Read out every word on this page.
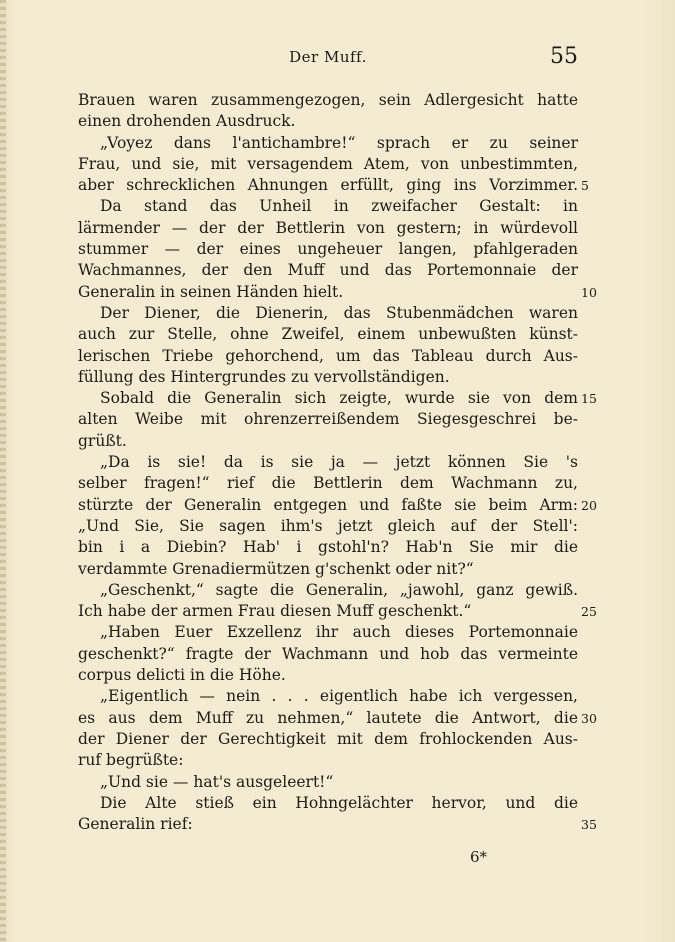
Der Muff.	55
Brauen waren zusammengezogen, sein Adlergesicht hatte
einen drohenden Ausdruck.
„Voyez dans l'antichambre!“ sprach er zu seiner
Frau, und sie, mit versagendem Atem, von unbestimmten,
aber schrecklichen Ahnungen erfüllt, ging ins Vorzimmer. 5
Da stand das Unheil in zweifacher Gestalt: in
lärmender — der der Bettlerin von gestern; in würdevoll
stummer — der eines ungeheuer langen, pfahlgeraden
Wachmannes, der den Muff und das Portemonnaie der
Generalin in seinen Händen hielt.	10
Der Diener, die Dienerin, das Stubenmädchen waren
auch zur Stelle, ohne Zweifel, einem unbewußten künst-
lerischen Triebe gehorchend, um das Tableau durch Aus-
füllung des Hintergrundes zu vervollständigen.
Sobald die Generalin sich zeigte, wurde sie von dem 15
alten Weibe mit ohrenzerreißendem Siegesgeschrei be-
grüßt.
„Da is sie! da is sie ja — jetzt können Sie 's
selber fragen!“ rief die Bettlerin dem Wachmann zu,
stürzte der Generalin entgegen und faßte sie beim Arm: 20
„Und Sie, Sie sagen ihm's jetzt gleich auf der Stell':
bin i a Diebin? Hab' i gstohl'n? Hab'n Sie mir die
verdammte Grenadiermützen g'schenkt oder nit?“
„Geschenkt,“ sagte die Generalin, „jawohl, ganz gewiß.
Ich habe der armen Frau diesen Muff geschenkt.“	25
„Haben Euer Exzellenz ihr auch dieses Portemonnaie
geschenkt?“ fragte der Wachmann und hob das vermeinte
corpus delicti in die Höhe.
„Eigentlich — nein . . . eigentlich habe ich vergessen,
es aus dem Muff zu nehmen,“ lautete die Antwort, die 30
der Diener der Gerechtigkeit mit dem frohlockenden Aus-
ruf begrüßte:
„Und sie — hat's ausgeleert!“
Die Alte stieß ein Hohngelächter hervor, und die
Generalin rief:	35
6*
